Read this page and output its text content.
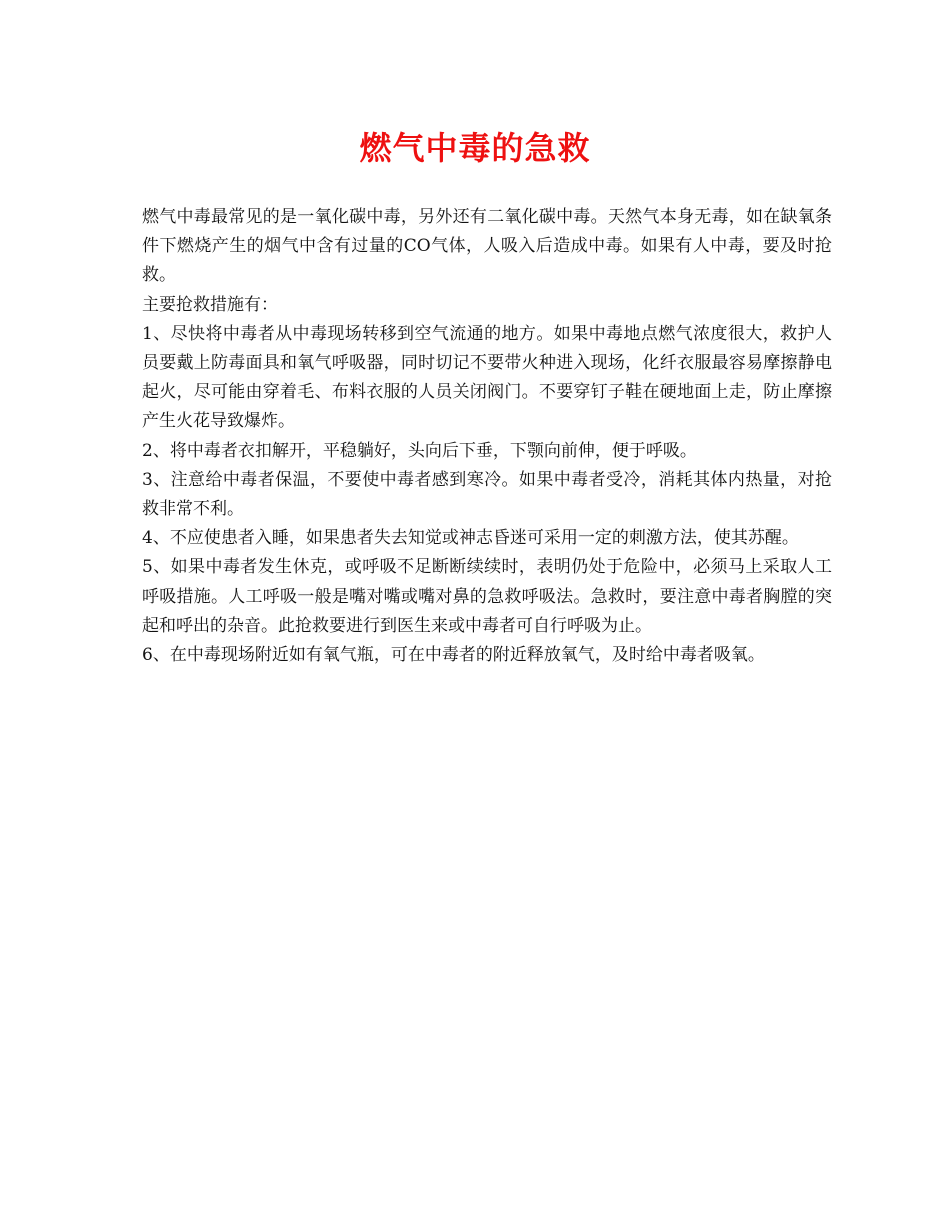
燃气中毒的急救

燃气中毒最常见的是一氧化碳中毒，另外还有二氧化碳中毒。天然气本身无毒，如在缺氧条件下燃烧产生的烟气中含有过量的CO气体，人吸入后造成中毒。如果有人中毒，要及时抢救。

主要抢救措施有：

1、尽快将中毒者从中毒现场转移到空气流通的地方。如果中毒地点燃气浓度很大，救护人员要戴上防毒面具和氧气呼吸器，同时切记不要带火种进入现场，化纤衣服最容易摩擦静电起火，尽可能由穿着毛、布料衣服的人员关闭阀门。不要穿钉子鞋在硬地面上走，防止摩擦产生火花导致爆炸。

2、将中毒者衣扣解开，平稳躺好，头向后下垂，下颚向前伸，便于呼吸。

3、注意给中毒者保温，不要使中毒者感到寒冷。如果中毒者受冷，消耗其体内热量，对抢救非常不利。

4、不应使患者入睡，如果患者失去知觉或神志昏迷可采用一定的刺激方法，使其苏醒。

5、如果中毒者发生休克，或呼吸不足断断续续时，表明仍处于危险中，必须马上采取人工呼吸措施。人工呼吸一般是嘴对嘴或嘴对鼻的急救呼吸法。急救时，要注意中毒者胸膛的突起和呼出的杂音。此抢救要进行到医生来或中毒者可自行呼吸为止。

6、在中毒现场附近如有氧气瓶，可在中毒者的附近释放氧气，及时给中毒者吸氧。
